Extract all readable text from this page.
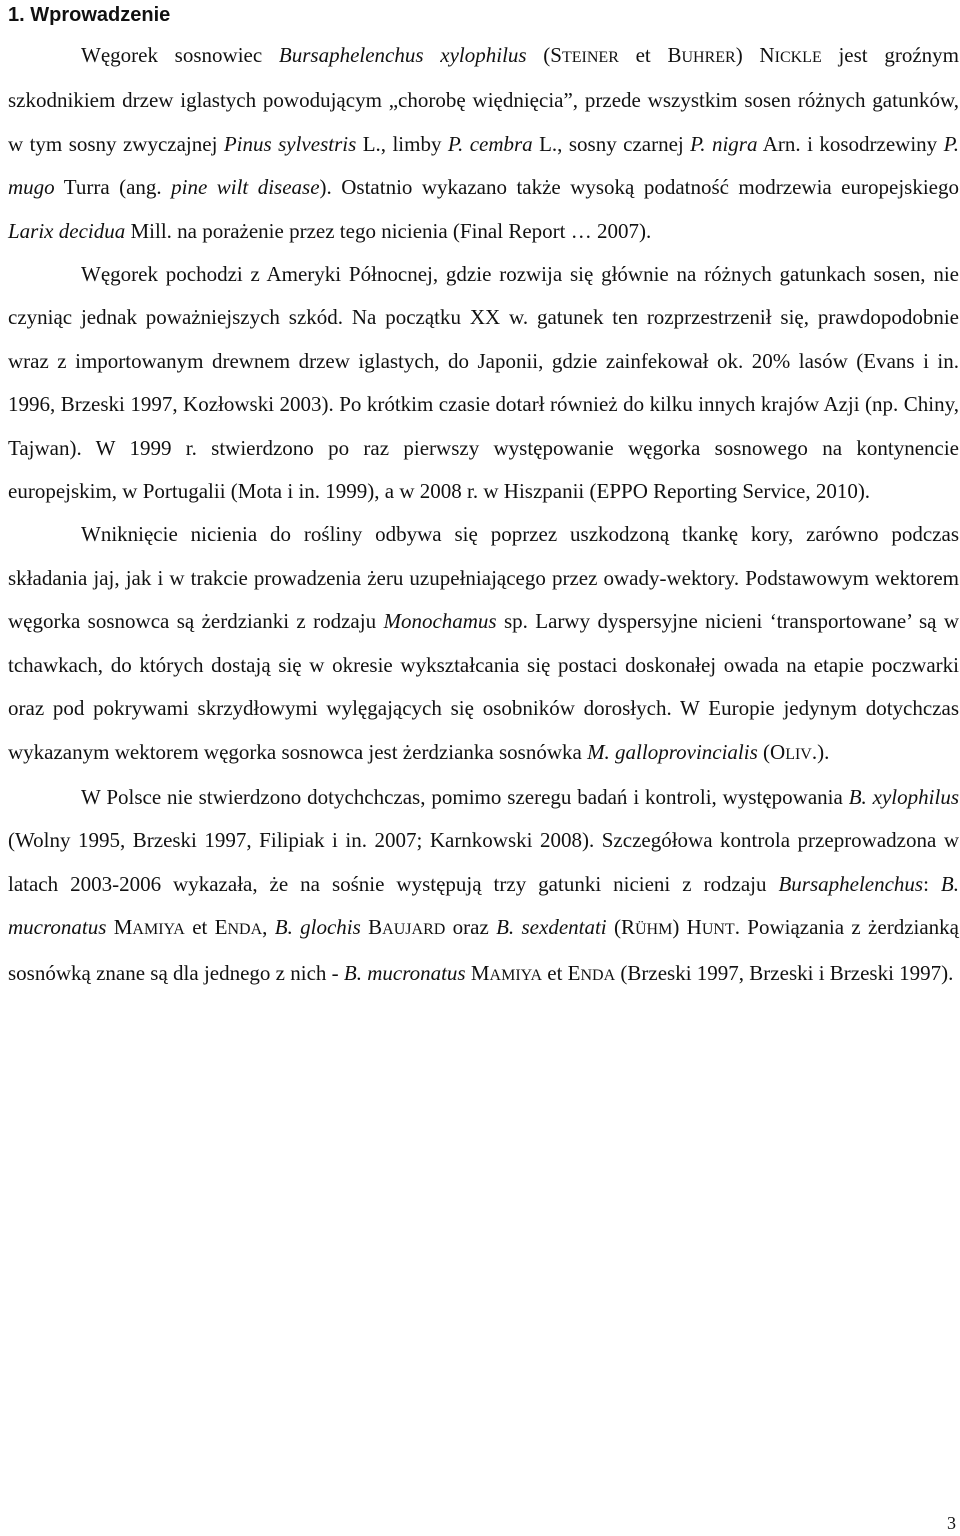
1. Wprowadzenie

Węgorek sosnowiec Bursaphelenchus xylophilus (STEINER et BUHRER) NICKLE jest groźnym szkodnikiem drzew iglastych powodującym „chorobę więdnięcia”, przede wszystkim sosen różnych gatunków, w tym sosny zwyczajnej Pinus sylvestris L., limby P. cembra L., sosny czarnej P. nigra Arn. i kosodrzewiny P. mugo Turra (ang. pine wilt disease). Ostatnio wykazano także wysoką podatność modrzewia europejskiego Larix decidua Mill. na porażenie przez tego nicienia (Final Report … 2007).

Węgorek pochodzi z Ameryki Północnej, gdzie rozwija się głównie na różnych gatunkach sosen, nie czyniąc jednak poważniejszych szkód. Na początku XX w. gatunek ten rozprzestrzenił się, prawdopodobnie wraz z importowanym drewnem drzew iglastych, do Japonii, gdzie zainfekował ok. 20% lasów (Evans i in. 1996, Brzeski 1997, Kozłowski 2003). Po krótkim czasie dotarł również do kilku innych krajów Azji (np. Chiny, Tajwan). W 1999 r. stwierdzono po raz pierwszy występowanie węgorka sosnowego na kontynencie europejskim, w Portugalii (Mota i in. 1999), a w 2008 r. w Hiszpanii (EPPO Reporting Service, 2010).

Wniknięcie nicienia do rośliny odbywa się poprzez uszkodzoną tkankę kory, zarówno podczas składania jaj, jak i w trakcie prowadzenia żeru uzupełniającego przez owady-wektory. Podstawowym wektorem węgorka sosnowca są żerdzianki z rodzaju Monochamus sp. Larwy dyspersyjne nicieni ‘transportowane’ są w tchawkach, do których dostają się w okresie wykształcania się postaci doskonałej owada na etapie poczwarki oraz pod pokrywami skrzydłowymi wylęgających się osobników dorosłych. W Europie jedynym dotychczas wykazanym wektorem węgorka sosnowca jest żerdzianka sosnówka M. galloprovincialis (OLIV.).

W Polsce nie stwierdzono dotychchczas, pomimo szeregu badań i kontroli, występowania B. xylophilus (Wolny 1995, Brzeski 1997, Filipiak i in. 2007; Karnkowski 2008). Szczegółowa kontrola przeprowadzona w latach 2003-2006 wykazała, że na sośnie występują trzy gatunki nicieni z rodzaju Bursaphelenchus: B. mucronatus MAMIYA et ENDA, B. glochis BAUJARD oraz B. sexdentati (RÜHM) HUNT. Powiązania z żerdzianką sosnówką znane są dla jednego z nich - B. mucronatus MAMIYA et ENDA (Brzeski 1997, Brzeski i Brzeski 1997).

3
